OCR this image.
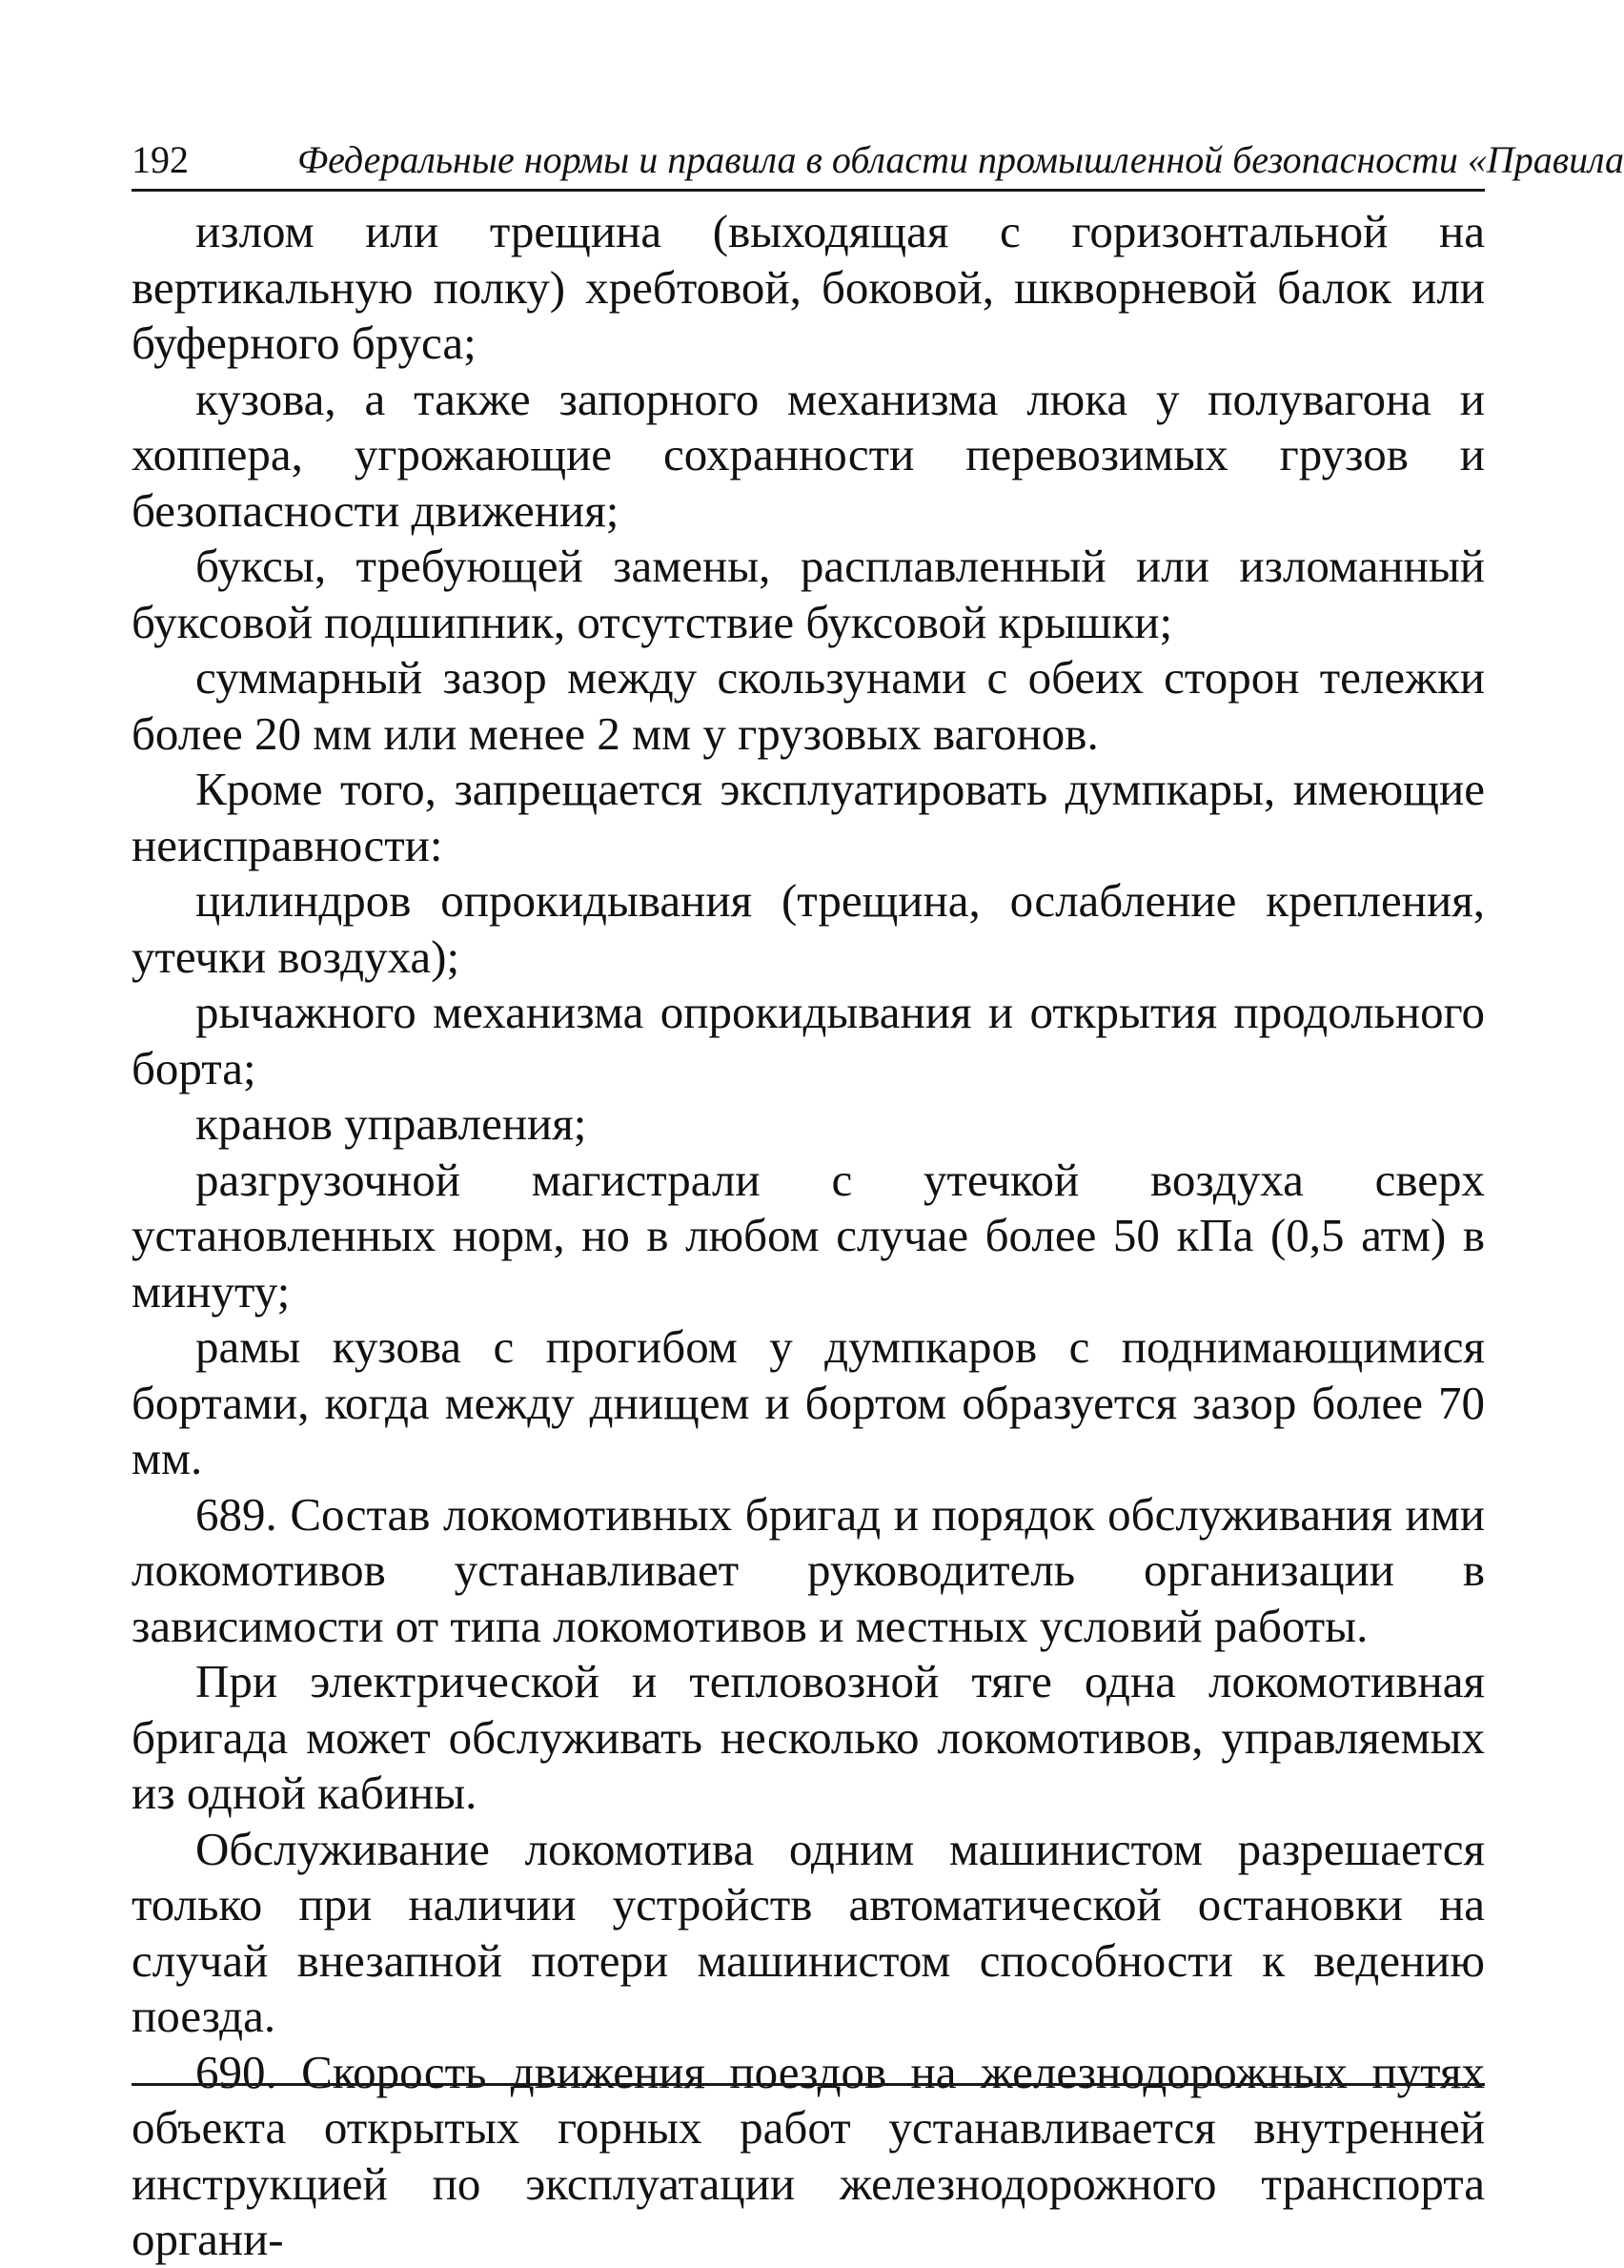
192	Федеральные нормы и правила в области промышленной безопасности «Правила

излом или трещина (выходящая с горизонтальной на вертикальную полку) хребтовой, боковой, шкворневой балок или буферного бруса;

кузова, а также запорного механизма люка у полувагона и хоппера, угрожающие сохранности перевозимых грузов и безопасности движения;

буксы, требующей замены, расплавленный или изломанный буксовой подшипник, отсутствие буксовой крышки;

суммарный зазор между скользунами с обеих сторон тележки более 20 мм или менее 2 мм у грузовых вагонов.

Кроме того, запрещается эксплуатировать думпкары, имеющие неисправности:

цилиндров опрокидывания (трещина, ослабление крепления, утечки воздуха);

рычажного механизма опрокидывания и открытия продольного борта;

кранов управления;

разгрузочной магистрали с утечкой воздуха сверх установленных норм, но в любом случае более 50 кПа (0,5 атм) в минуту;

рамы кузова с прогибом у думпкаров с поднимающимися бортами, когда между днищем и бортом образуется зазор более 70 мм.

689. Состав локомотивных бригад и порядок обслуживания ими локомотивов устанавливает руководитель организации в зависимости от типа локомотивов и местных условий работы.

При электрической и тепловозной тяге одна локомотивная бригада может обслуживать несколько локомотивов, управляемых из одной кабины.

Обслуживание локомотива одним машинистом разрешается только при наличии устройств автоматической остановки на случай внезапной потери машинистом способности к ведению поезда.

690. Скорость движения поездов на железнодорожных путях объекта открытых горных работ устанавливается внутренней инструкцией по эксплуатации железнодорожного транспорта органи-
